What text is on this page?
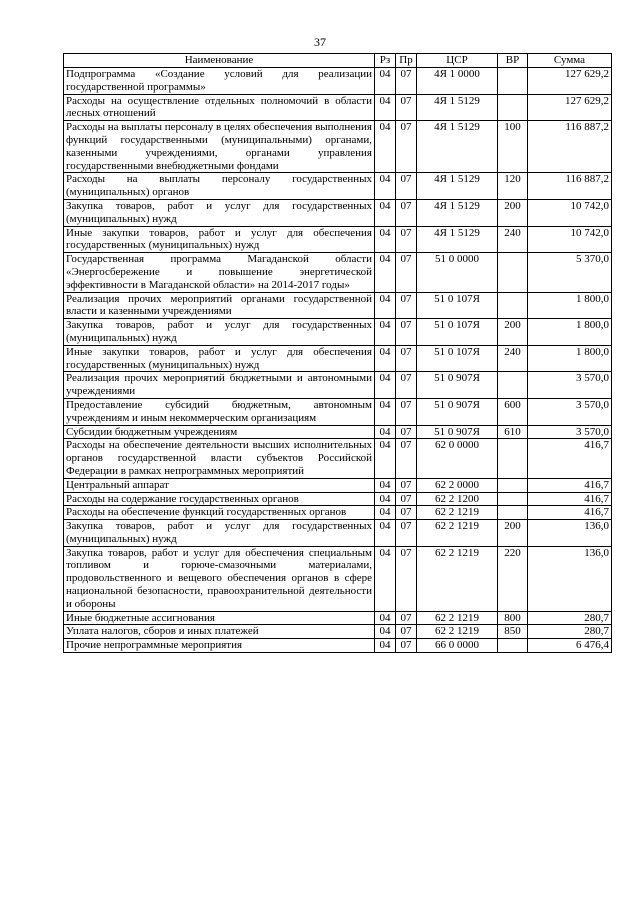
37
Наименование	Рз	Пр	ЦСР	ВР	Сумма
Подпрограмма «Создание условий для реализации государственной программы»	04	07	4Я 1 0000		127 629,2
Расходы на осуществление отдельных полномочий в области лесных отношений	04	07	4Я 1 5129		127 629,2
Расходы на выплаты персоналу в целях обеспечения выполнения функций государственными (муниципальными) органами, казенными учреждениями, органами управления государственными внебюджетными фондами	04	07	4Я 1 5129	100	116 887,2
Расходы на выплаты персоналу государственных (муниципальных) органов	04	07	4Я 1 5129	120	116 887,2
Закупка товаров, работ и услуг для государственных (муниципальных) нужд	04	07	4Я 1 5129	200	10 742,0
Иные закупки товаров, работ и услуг для обеспечения государственных (муниципальных) нужд	04	07	4Я 1 5129	240	10 742,0
Государственная программа Магаданской области «Энергосбережение и повышение энергетической эффективности в Магаданской области» на 2014-2017 годы»	04	07	51 0 0000		5 370,0
Реализация прочих мероприятий органами государственной власти и казенными учреждениями	04	07	51 0 107Я		1 800,0
Закупка товаров, работ и услуг для государственных (муниципальных) нужд	04	07	51 0 107Я	200	1 800,0
Иные закупки товаров, работ и услуг для обеспечения государственных (муниципальных) нужд	04	07	51 0 107Я	240	1 800,0
Реализация прочих мероприятий бюджетными и автономными учреждениями	04	07	51 0 907Я		3 570,0
Предоставление субсидий бюджетным, автономным учреждениям и иным некоммерческим организациям	04	07	51 0 907Я	600	3 570,0
Субсидии бюджетным учреждениям	04	07	51 0 907Я	610	3 570,0
Расходы на обеспечение деятельности высших исполнительных органов государственной власти субъектов Российской Федерации в рамках непрограммных мероприятий	04	07	62 0 0000		416,7
Центральный аппарат	04	07	62 2 0000		416,7
Расходы на содержание государственных органов	04	07	62 2 1200		416,7
Расходы на обеспечение функций государственных органов	04	07	62 2 1219		416,7
Закупка товаров, работ и услуг для государственных (муниципальных) нужд	04	07	62 2 1219	200	136,0
Закупка товаров, работ и услуг для обеспечения специальным топливом и горюче-смазочными материалами, продовольственного и вещевого обеспечения органов в сфере национальной безопасности, правоохранительной деятельности и обороны	04	07	62 2 1219	220	136,0
Иные бюджетные ассигнования	04	07	62 2 1219	800	280,7
Уплата налогов, сборов и иных платежей	04	07	62 2 1219	850	280,7
Прочие непрограммные мероприятия	04	07	66 0 0000		6 476,4
